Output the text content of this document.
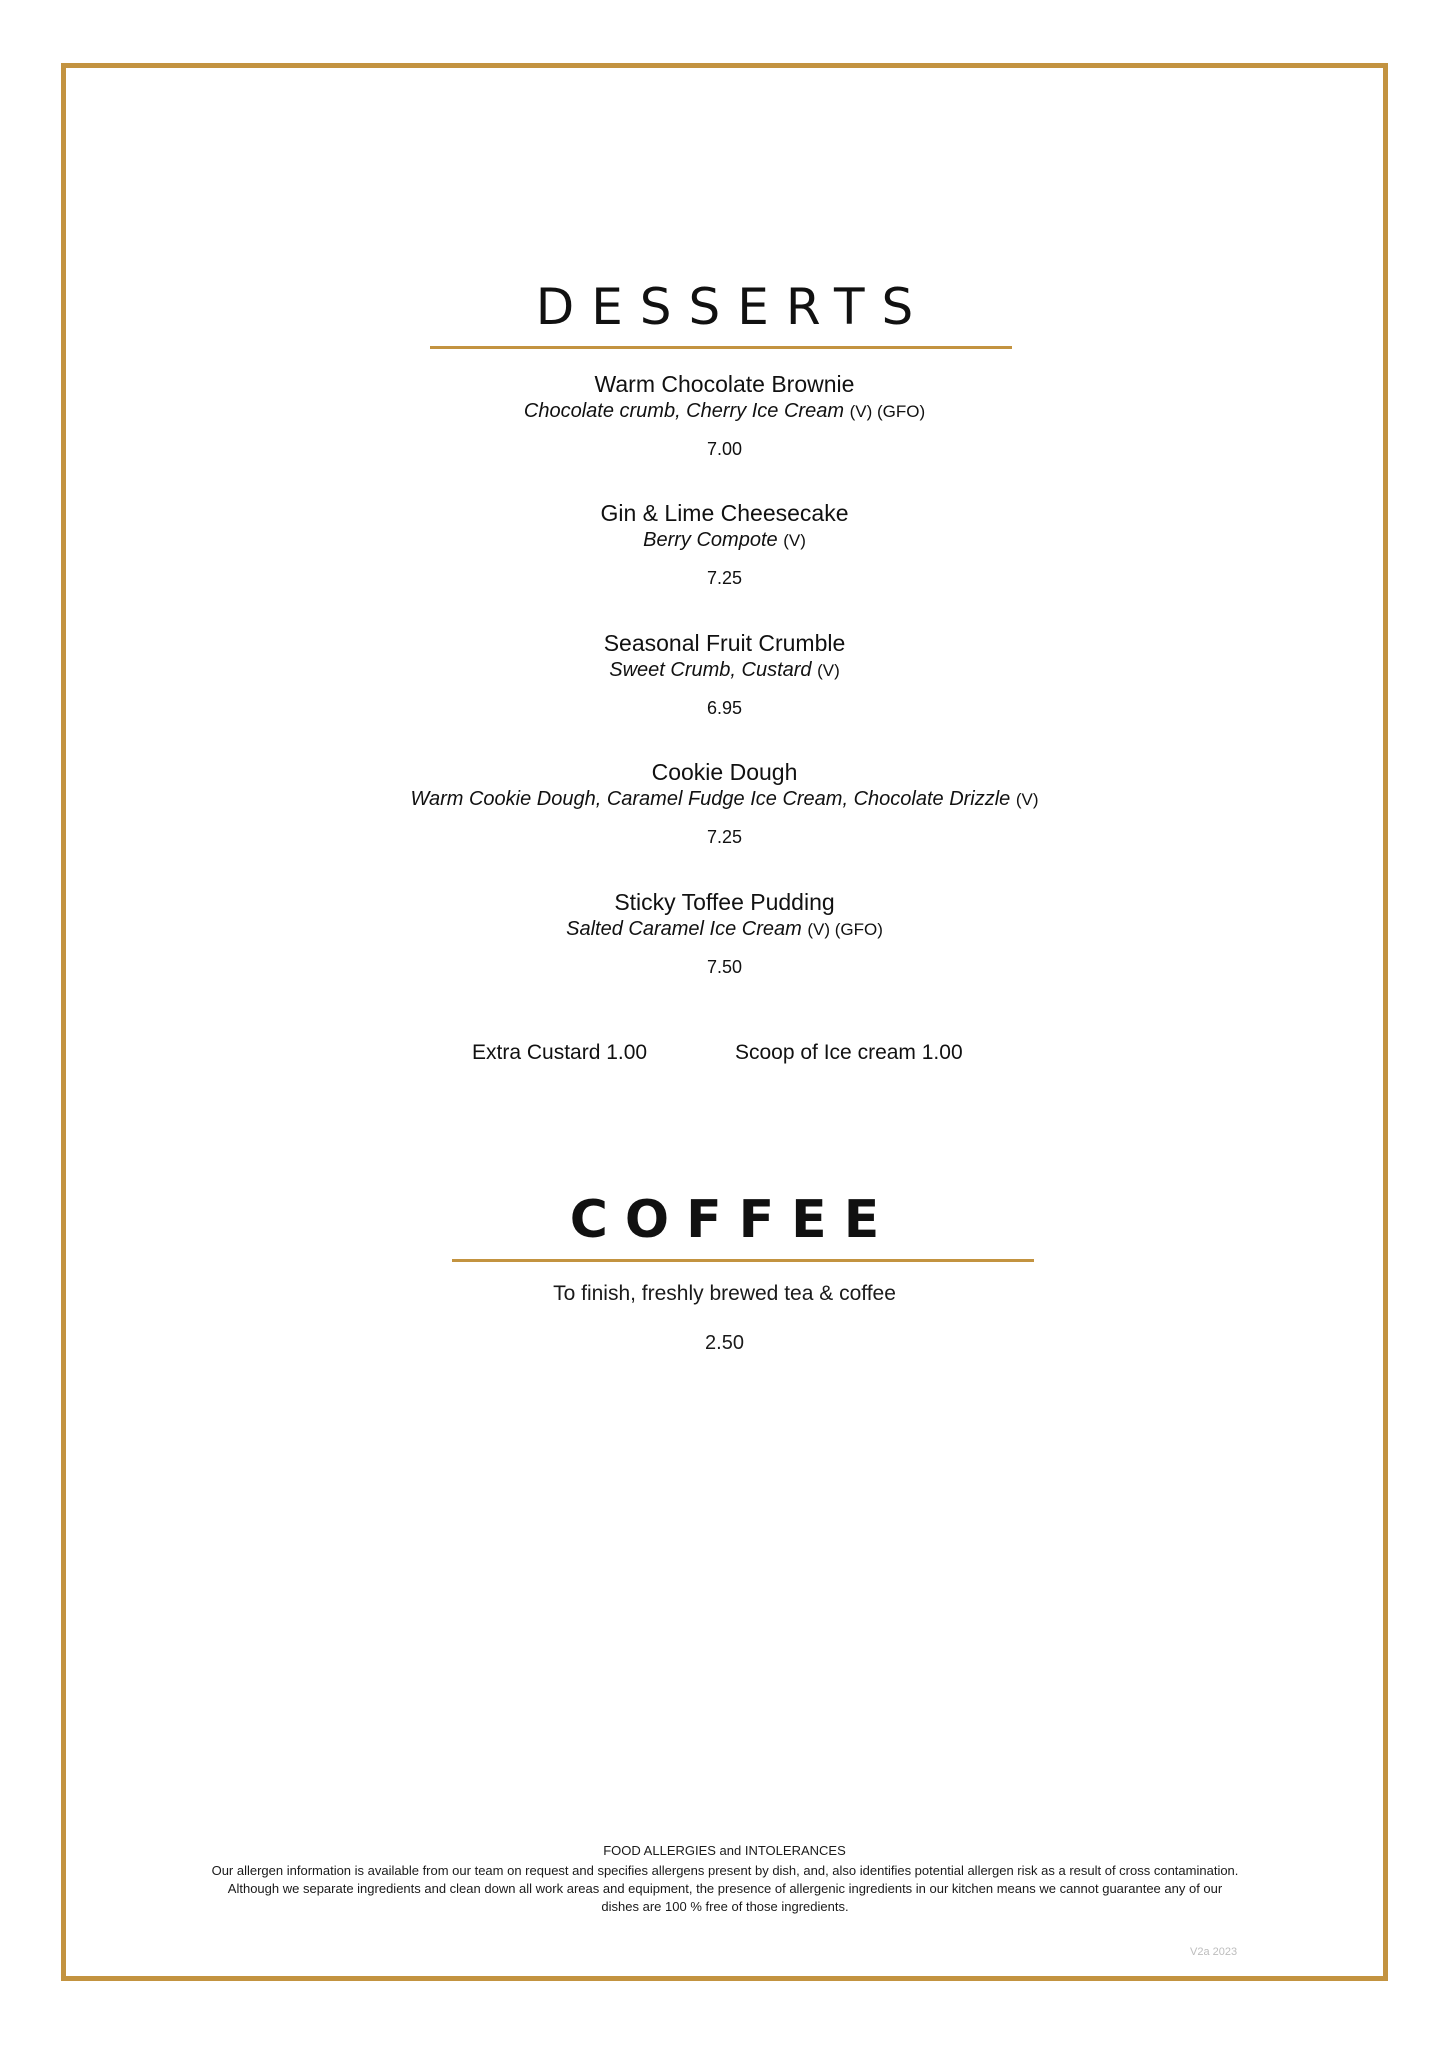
DESSERTS
Warm Chocolate Brownie
Chocolate crumb, Cherry Ice Cream (V) (GFO)
7.00
Gin & Lime Cheesecake
Berry Compote (V)
7.25
Seasonal Fruit Crumble
Sweet Crumb, Custard (V)
6.95
Cookie Dough
Warm Cookie Dough, Caramel Fudge Ice Cream, Chocolate Drizzle (V)
7.25
Sticky Toffee Pudding
Salted Caramel Ice Cream (V) (GFO)
7.50
Extra Custard 1.00	Scoop of Ice cream 1.00
COFFEE
To finish, freshly brewed tea & coffee
2.50
FOOD ALLERGIES and INTOLERANCES
Our allergen information is available from our team on request and specifies allergens present by dish, and, also identifies potential allergen risk as a result of cross contamination. Although we separate ingredients and clean down all work areas and equipment, the presence of allergenic ingredients in our kitchen means we cannot guarantee any of our dishes are 100 % free of those ingredients.
V2a 2023
